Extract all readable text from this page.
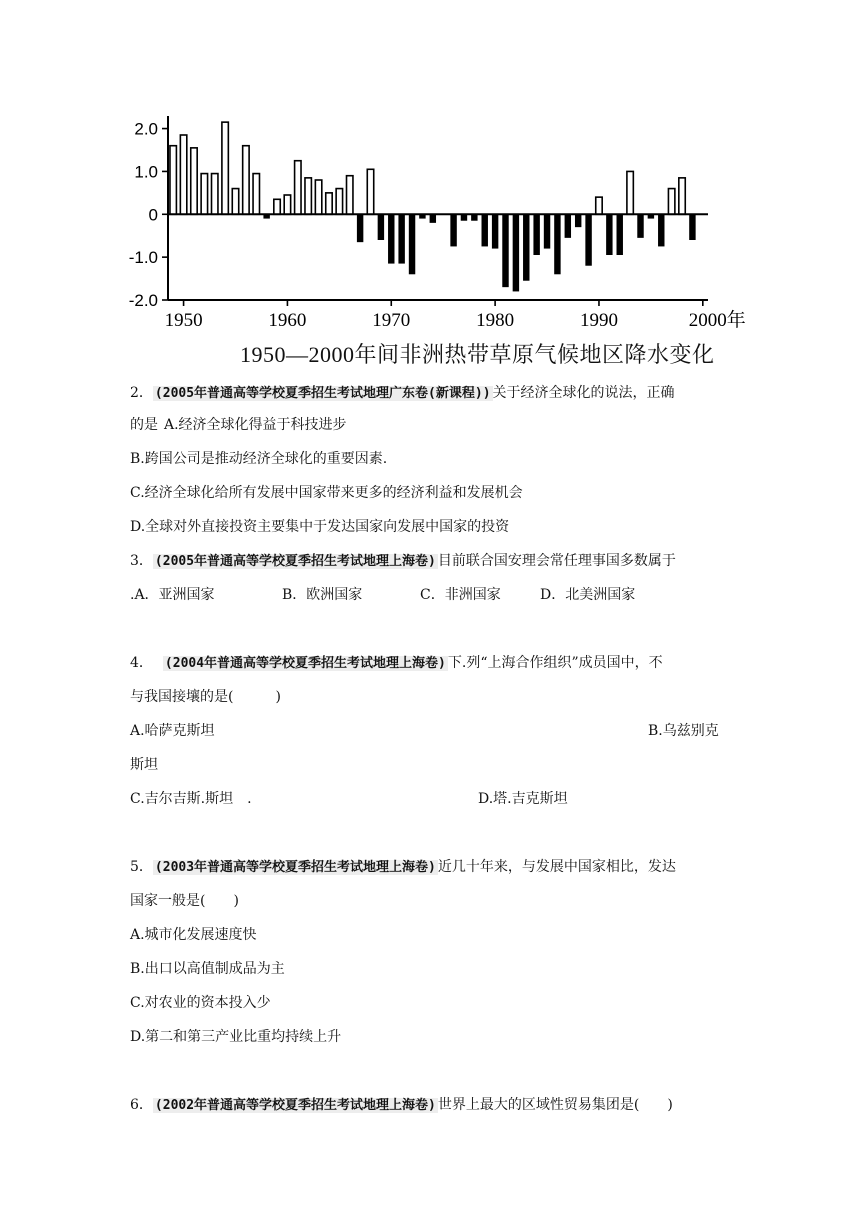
2.0
1.0
0
-1.0
-2.0
1950	1960	1970	1980	1990	2000年
1950—2000年间非洲热带草原气候地区降水变化
2． (2005年普通高等学校夏季招生考试地理广东卷(新课程)) 关于经济全球化的说法，正确
的是 A.经济全球化得益于科技进步
B.跨国公司是推动经济全球化的重要因素.
C.经济全球化给所有发展中国家带来更多的经济利益和发展机会
D.全球对外直接投资主要集中于发达国家向发展中国家的投资
3． (2005年普通高等学校夏季招生考试地理上海卷) 目前联合国安理会常任理事国多数属于
.A．亚洲国家	B．欧洲国家	C．非洲国家	D．北美洲国家
4． (2004年普通高等学校夏季招生考试地理上海卷) 下.列“上海合作组织”成员国中，不
与我国接壤的是(　　　)
A.哈萨克斯坦	B.乌兹别克
斯坦
C.吉尔吉斯.斯坦　.	D.塔.吉克斯坦
5． (2003年普通高等学校夏季招生考试地理上海卷) 近几十年来，与发展中国家相比，发达
国家一般是(　　)
A.城市化发展速度快
B.出口以高值制成品为主
C.对农业的资本投入少
D.第二和第三产业比重均持续上升
6． (2002年普通高等学校夏季招生考试地理上海卷) 世界上最大的区域性贸易集团是(　　)
